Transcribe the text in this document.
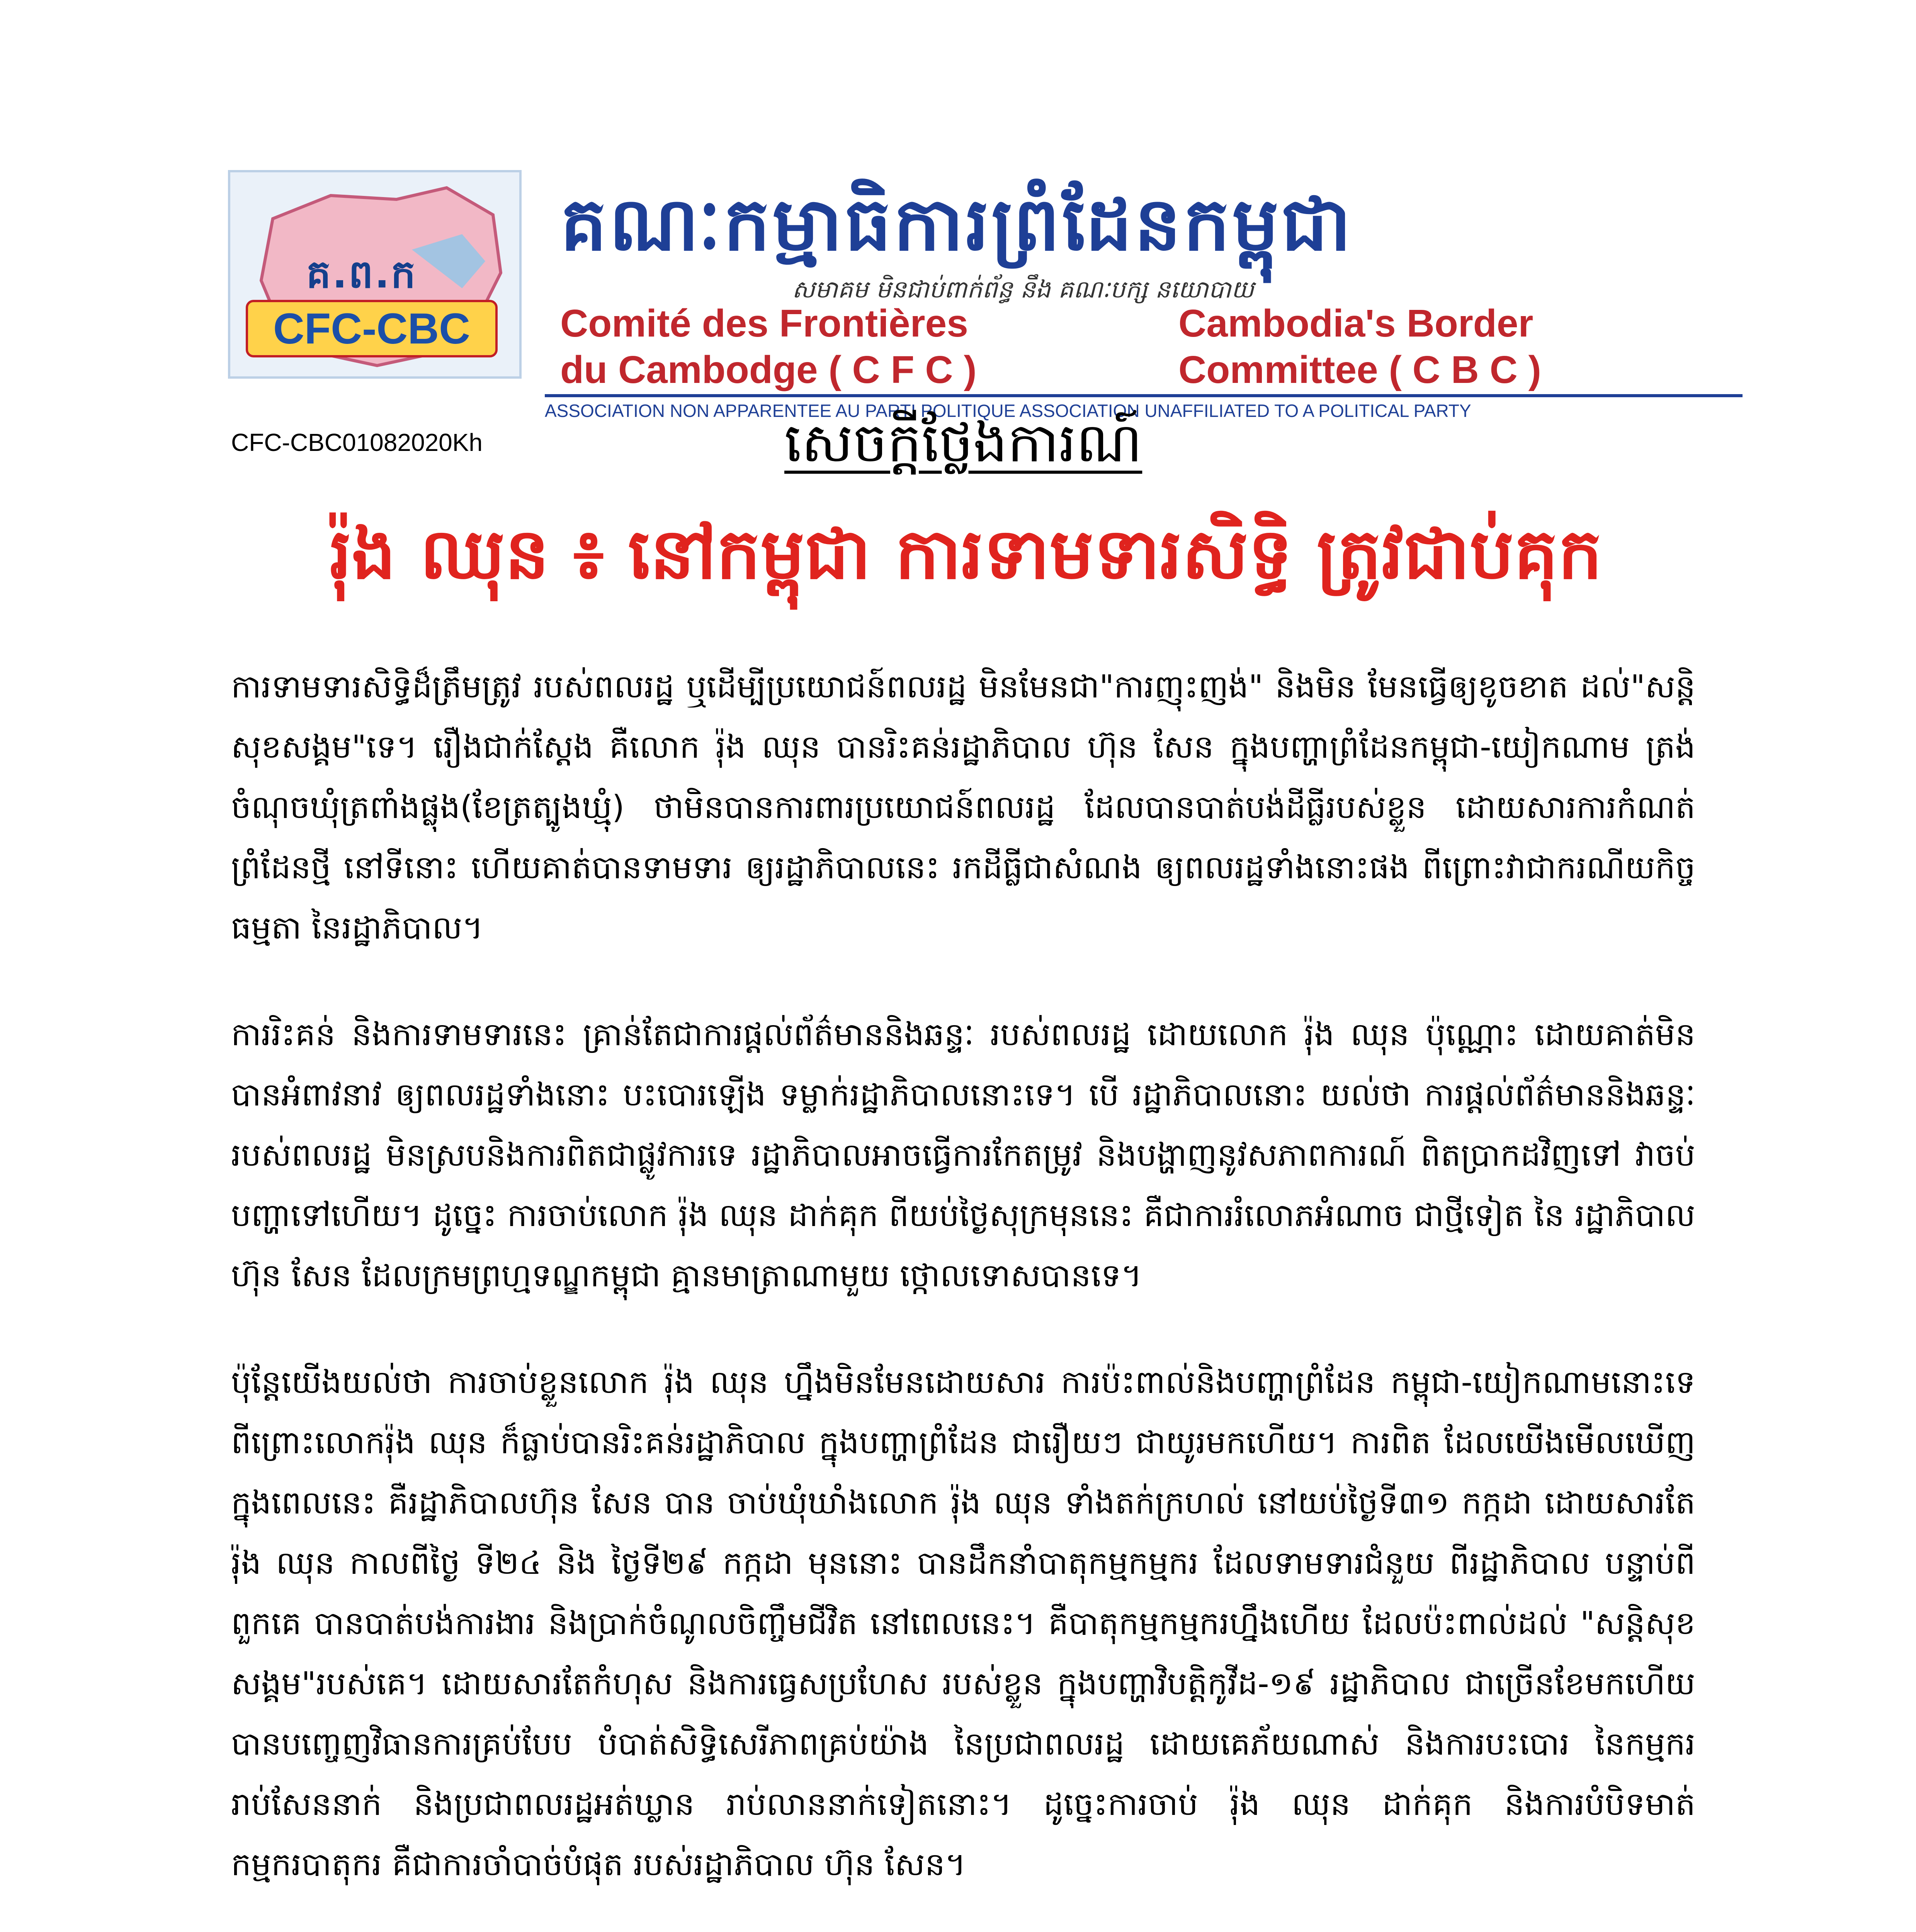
គ.ព.ក
CFC-CBC
គណៈកម្មាធិការព្រំដែនកម្ពុជា
សមាគម មិនជាប់ពាក់ព័ន្ធ នឹង គណៈបក្ស នយោបាយ
Comité des Frontières
du Cambodge ( C F C )
Cambodia's Border
Committee ( C B C )
ASSOCIATION NON APPARENTEE AU PARTI POLITIQUE ASSOCIATION UNAFFILIATED TO A POLITICAL PARTY
CFC-CBC01082020Kh	សេចក្ដីថ្លែងការណ៍
រ៉ុង ឈុន ៖ នៅកម្ពុជា ការទាមទារសិទ្ធិ ត្រូវជាប់គុក

ការទាមទារសិទ្ធិដ៏ត្រឹមត្រូវ របស់ពលរដ្ឋ ឬដើម្បីប្រយោជន៍ពលរដ្ឋ មិនមែនជា"ការញុះញង់" និងមិន មែនធ្វើឲ្យខូចខាត ដល់"សន្តិសុខសង្គម"ទេ។ រឿងជាក់ស្ដែង គឺលោក រ៉ុង ឈុន បានរិះគន់រដ្ឋាភិបាល ហ៊ុន សែន ក្នុងបញ្ហាព្រំដែនកម្ពុជា-យៀកណាម ត្រង់ចំណុចឃុំត្រពាំងផ្លុង(ខែត្រត្បូងឃ្មុំ) ថាមិនបានការពារប្រយោជន៍ពលរដ្ឋ ដែលបានបាត់បង់ដីធ្លីរបស់ខ្លួន ដោយសារការកំណត់ព្រំដែនថ្មី នៅទីនោះ ហើយគាត់បានទាមទារ ឲ្យរដ្ឋាភិបាលនេះ រកដីធ្លីជាសំណង ឲ្យពលរដ្ឋទាំងនោះផង ពីព្រោះវាជាករណីយកិច្ចធម្មតា នៃរដ្ឋាភិបាល។

ការរិះគន់ និងការទាមទារនេះ គ្រាន់តែជាការផ្ដល់ព័ត៌មាននិងឆន្ទៈ របស់ពលរដ្ឋ ដោយលោក រ៉ុង ឈុន ប៉ុណ្ណោះ ដោយគាត់មិនបានអំពាវនាវ ឲ្យពលរដ្ឋទាំងនោះ បះបោរឡើង ទម្លាក់រដ្ឋាភិបាលនោះទេ។ បើ រដ្ឋាភិបាលនោះ យល់ថា ការផ្ដល់ព័ត៌មាននិងឆន្ទៈ របស់ពលរដ្ឋ មិនស្របនិងការពិតជាផ្លូវការទេ រដ្ឋាភិបាលអាចធ្វើការកែតម្រូវ និងបង្ហាញនូវសភាពការណ៍ ពិតប្រាកដវិញទៅ វាចប់បញ្ហាទៅហើយ។ ដូច្នេះ ការចាប់លោក រ៉ុង ឈុន ដាក់គុក ពីយប់ថ្ងៃសុក្រមុននេះ គឺជាការរំលោភអំណាច ជាថ្មីទៀត នៃ រដ្ឋាភិបាលហ៊ុន សែន ដែលក្រមព្រហ្មទណ្ឌកម្ពុជា គ្មានមាត្រាណាមួយ ថ្កោលទោសបានទេ។

ប៉ុន្តែយើងយល់ថា ការចាប់ខ្លួនលោក រ៉ុង ឈុន ហ្នឹងមិនមែនដោយសារ ការប៉ះពាល់និងបញ្ហាព្រំដែន កម្ពុជា-យៀកណាមនោះទេ ពីព្រោះលោករ៉ុង ឈុន ក៏ធ្លាប់បានរិះគន់រដ្ឋាភិបាល ក្នុងបញ្ហាព្រំដែន ជារឿយៗ ជាយូរមកហើយ។ ការពិត ដែលយើងមើលឃើញ ក្នុងពេលនេះ គឺរដ្ឋាភិបាលហ៊ុន សែន បាន ចាប់ឃុំឃាំងលោក រ៉ុង ឈុន ទាំងតក់ក្រហល់ នៅយប់ថ្ងៃទី៣១ កក្កដា ដោយសារតែ រ៉ុង ឈុន កាលពីថ្ងៃ ទី២៤ និង ថ្ងៃទី២៩ កក្កដា មុននោះ បានដឹកនាំបាតុកម្មកម្មករ ដែលទាមទារជំនួយ ពីរដ្ឋាភិបាល បន្ទាប់ពីពួកគេ បានបាត់បង់ការងារ និងប្រាក់ចំណូលចិញ្ចឹមជីវិត នៅពេលនេះ។ គឺបាតុកម្មកម្មករហ្នឹងហើយ ដែលប៉ះពាល់ដល់ "សន្តិសុខសង្គម"របស់គេ។ ដោយសារតែកំហុស និងការធ្វេសប្រហែស របស់ខ្លួន ក្នុងបញ្ហាវិបត្តិកូវីដ-១៩ រដ្ឋាភិបាល ជាច្រើនខែមកហើយ បានបញ្ចេញវិធានការគ្រប់បែប បំបាត់សិទ្ធិសេរីភាពគ្រប់យ៉ាង នៃប្រជាពលរដ្ឋ ដោយគេភ័យណាស់ និងការបះបោរ នៃកម្មកររាប់សែននាក់ និងប្រជាពលរដ្ឋអត់ឃ្លាន រាប់លាននាក់ទៀតនោះ។ ដូច្នេះការចាប់ រ៉ុង ឈុន ដាក់គុក និងការបំបិទមាត់ កម្មករបាតុករ គឺជាការចាំបាច់បំផុត របស់រដ្ឋាភិបាល ហ៊ុន សែន។
